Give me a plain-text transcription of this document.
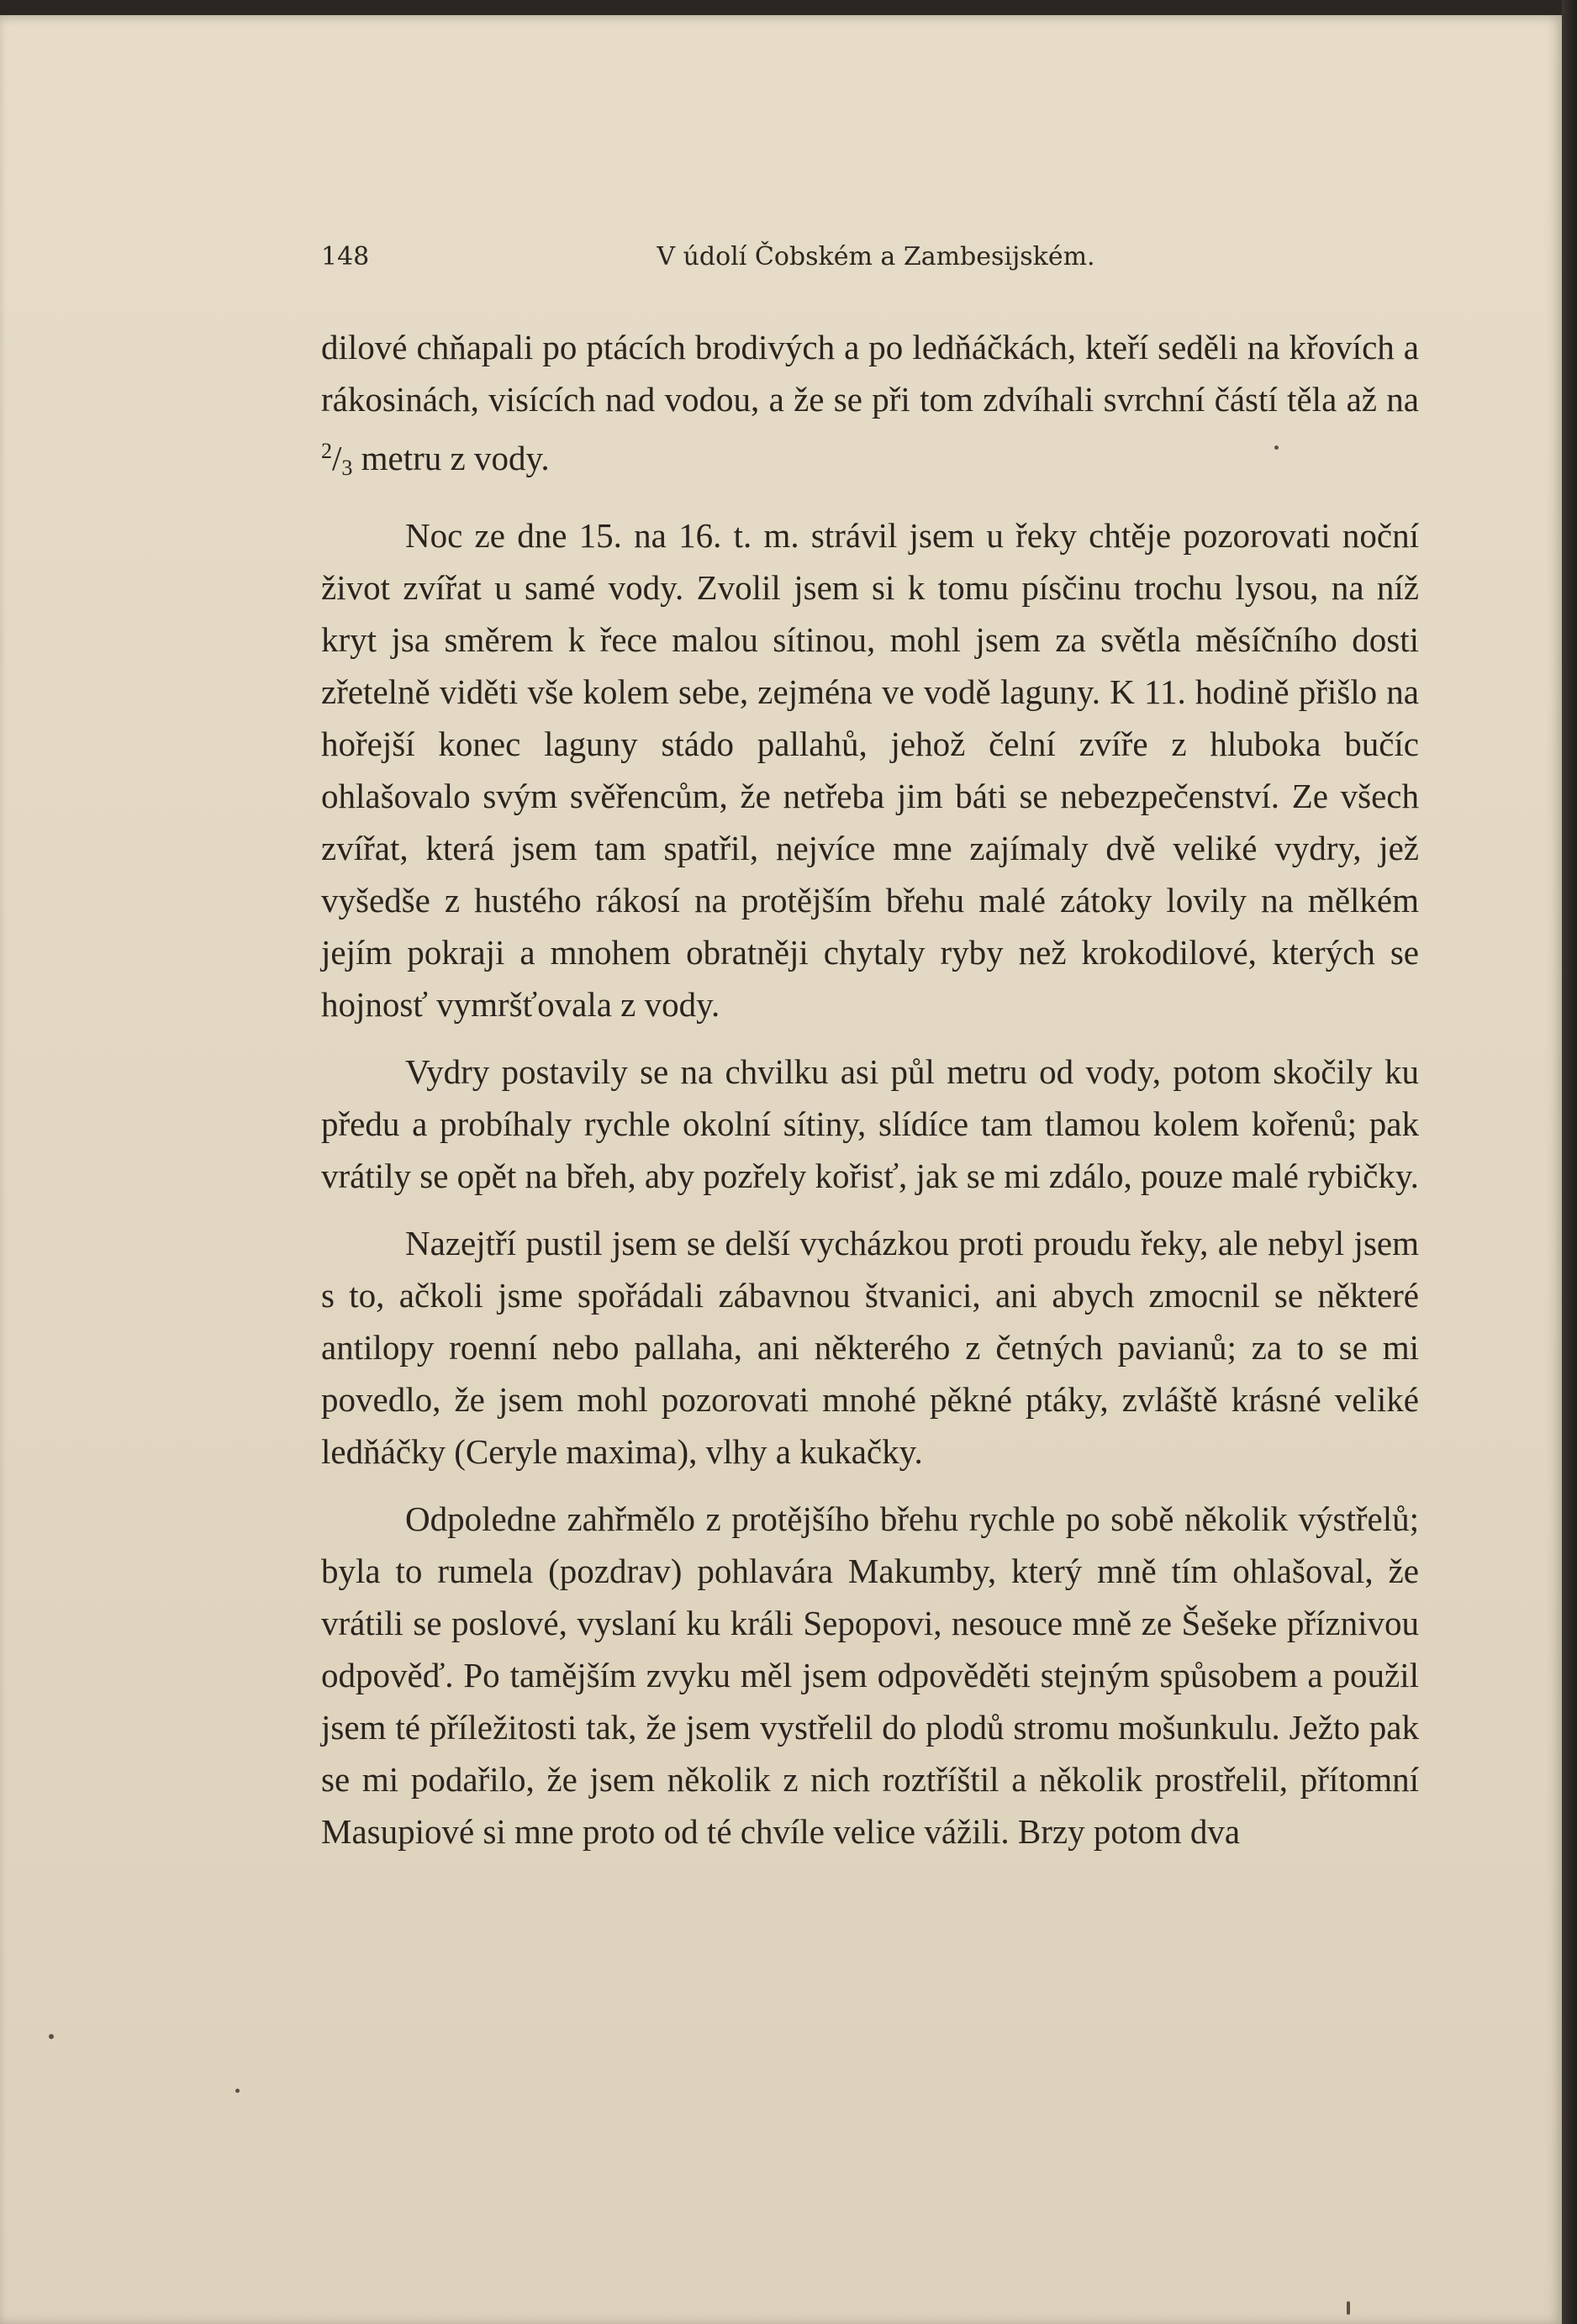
148	V údolí Čobském a Zambesijském.

dilové chňapali po ptácích brodivých a po ledňáčkách, kteří seděli na křovích a rákosinách, visících nad vodou, a že se při tom zdvíhali svrchní částí těla až na $^2/_3$ metru z vody.

Noc ze dne 15. na 16. t. m. strávil jsem u řeky chtěje pozorovati noční život zvířat u samé vody. Zvolil jsem si k tomu písčinu trochu lysou, na níž kryt jsa směrem k řece malou sítinou, mohl jsem za světla měsíčního dosti zřetelně viděti vše kolem sebe, zejména ve vodě laguny. K 11. hodině přišlo na hořejší konec laguny stádo pallahů, jehož čelní zvíře z hluboka bučíc ohlašovalo svým svěřencům, že netřeba jim báti se nebezpečenství. Ze všech zvířat, která jsem tam spatřil, nejvíce mne zajímaly dvě veliké vydry, jež vyšedše z hustého rákosí na protějším břehu malé zátoky lovily na mělkém jejím pokraji a mnohem obratněji chytaly ryby než krokodilové, kterých se hojnosť vymršťovala z vody.

Vydry postavily se na chvilku asi půl metru od vody, potom skočily ku předu a probíhaly rychle okolní sítiny, slídíce tam tlamou kolem kořenů; pak vrátily se opět na břeh, aby pozřely kořisť, jak se mi zdálo, pouze malé rybičky.

Nazejtří pustil jsem se delší vycházkou proti proudu řeky, ale nebyl jsem s to, ačkoli jsme spořádali zábavnou štvanici, ani abych zmocnil se některé antilopy roenní nebo pallaha, ani některého z četných pavianů; za to se mi povedlo, že jsem mohl pozorovati mnohé pěkné ptáky, zvláště krásné veliké ledňáčky (Ceryle maxima), vlhy a kukačky.

Odpoledne zahřmělo z protějšího břehu rychle po sobě několik výstřelů; byla to rumela (pozdrav) pohlavára Makumby, který mně tím ohlašoval, že vrátili se poslové, vyslaní ku králi Sepopovi, nesouce mně ze Šešeke příznivou odpověď. Po tamějším zvyku měl jsem odpověděti stejným spůsobem a použil jsem té příležitosti tak, že jsem vystřelil do plodů stromu mošunkulu. Ježto pak se mi podařilo, že jsem několik z nich roztříštil a několik prostřelil, přítomní Masupiové si mne proto od té chvíle velice vážili. Brzy potom dva
